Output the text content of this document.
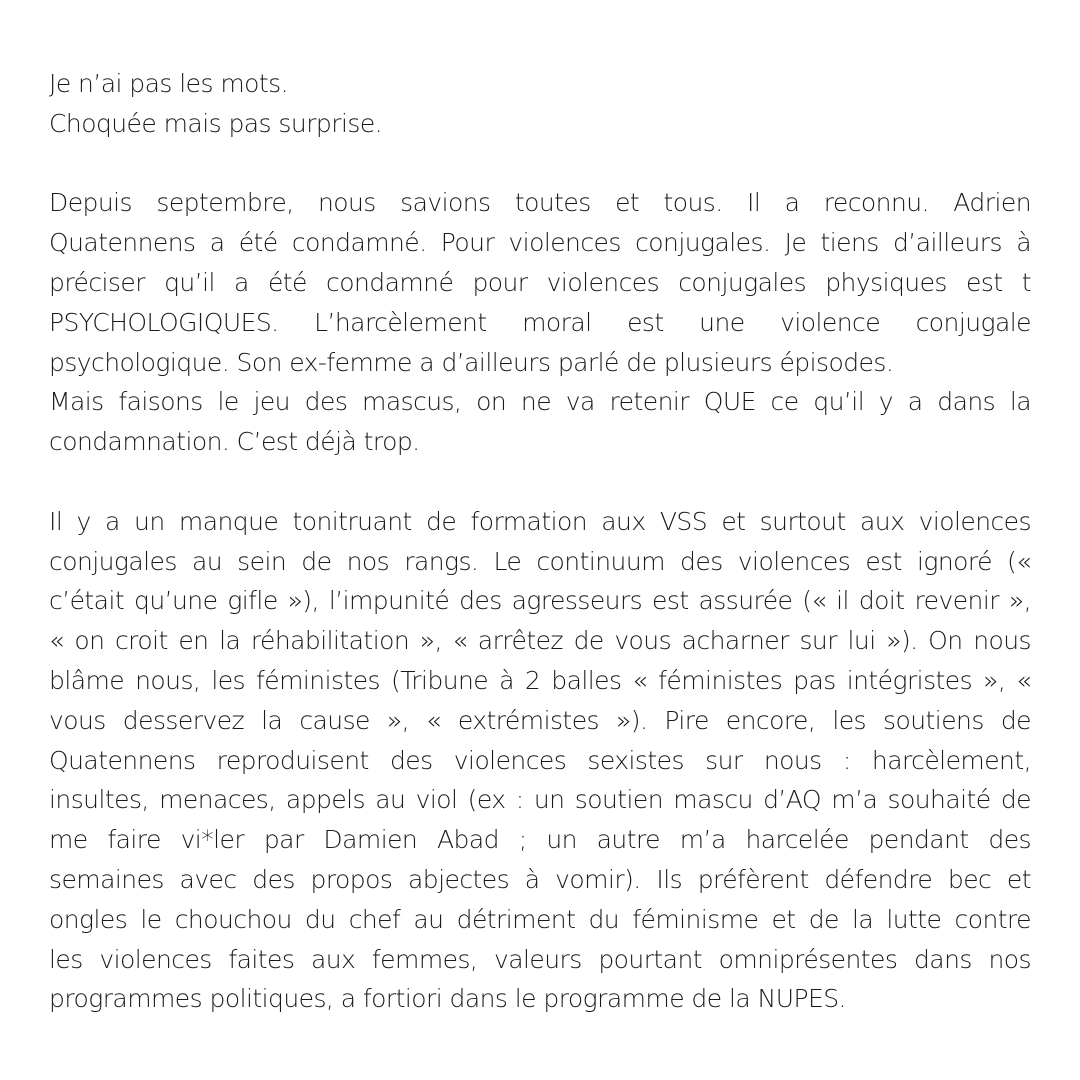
Je n’ai pas les mots.
Choquée mais pas surprise.
Depuis septembre, nous savions toutes et tous. Il a reconnu. Adrien
Quatennens a été condamné. Pour violences conjugales. Je tiens d’ailleurs à
préciser qu’il a été condamné pour violences conjugales physiques est t
PSYCHOLOGIQUES. L’harcèlement moral est une violence conjugale
psychologique. Son ex-femme a d’ailleurs parlé de plusieurs épisodes.
Mais faisons le jeu des mascus, on ne va retenir QUE ce qu’il y a dans la
condamnation. C’est déjà trop.
Il y a un manque tonitruant de formation aux VSS et surtout aux violences
conjugales au sein de nos rangs. Le continuum des violences est ignoré («
c’était qu’une gifle »), l’impunité des agresseurs est assurée (« il doit revenir »,
« on croit en la réhabilitation », « arrêtez de vous acharner sur lui »). On nous
blâme nous, les féministes (Tribune à 2 balles « féministes pas intégristes », «
vous desservez la cause », « extrémistes »). Pire encore, les soutiens de
Quatennens reproduisent des violences sexistes sur nous : harcèlement,
insultes, menaces, appels au viol (ex : un soutien mascu d’AQ m’a souhaité de
me faire vi*ler par Damien Abad ; un autre m’a harcelée pendant des
semaines avec des propos abjectes à vomir). Ils préfèrent défendre bec et
ongles le chouchou du chef au détriment du féminisme et de la lutte contre
les violences faites aux femmes, valeurs pourtant omniprésentes dans nos
programmes politiques, a fortiori dans le programme de la NUPES.
